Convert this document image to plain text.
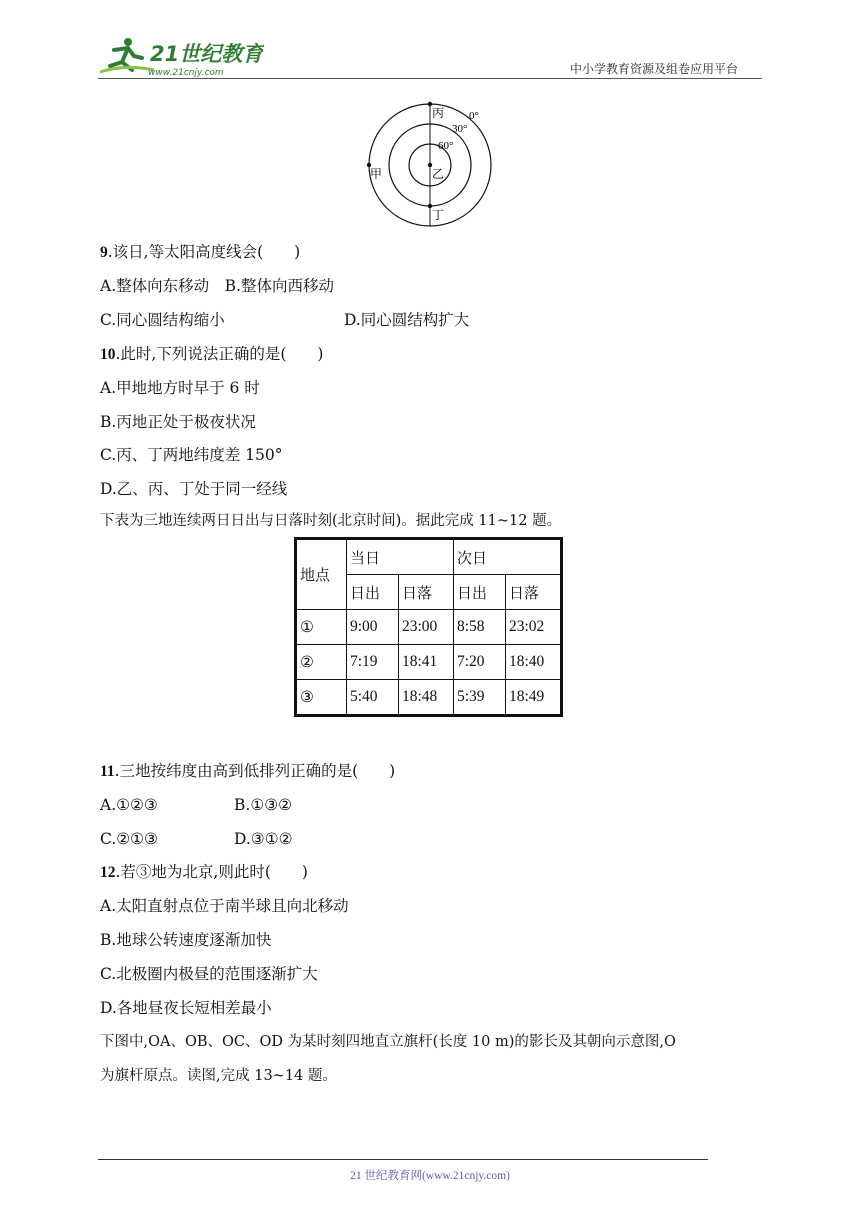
21世纪教育
www.21cnjy.com	中小学教育资源及组卷应用平台
丙 0°
30°
60°
甲	乙
丁
9.该日,等太阳高度线会(　　)
A.整体向东移动　 B.整体向西移动
C.同心圆结构缩小	D.同心圆结构扩大
10.此时,下列说法正确的是(　　)
A.甲地地方时早于 6 时
B.丙地正处于极夜状况
C.丙、丁两地纬度差 150°
D.乙、丙、丁处于同一经线
下表为三地连续两日日出与日落时刻(北京时间)。据此完成 11~12 题。
地点	当日		次日	
	日出	日落	日出	日落
①	9:00	23:00	8:58	23:02
②	7:19	18:41	7:20	18:40
③	5:40	18:48	5:39	18:49
11.三地按纬度由高到低排列正确的是(　　)
A.①②③	B.①③②
C.②①③	D.③①②
12.若③地为北京,则此时(　　)
A.太阳直射点位于南半球且向北移动
B.地球公转速度逐渐加快
C.北极圈内极昼的范围逐渐扩大
D.各地昼夜长短相差最小
下图中,OA、OB、OC、OD 为某时刻四地直立旗杆(长度 10 m)的影长及其朝向示意图,O
为旗杆原点。读图,完成 13~14 题。
21 世纪教育网(www.21cnjy.com)
